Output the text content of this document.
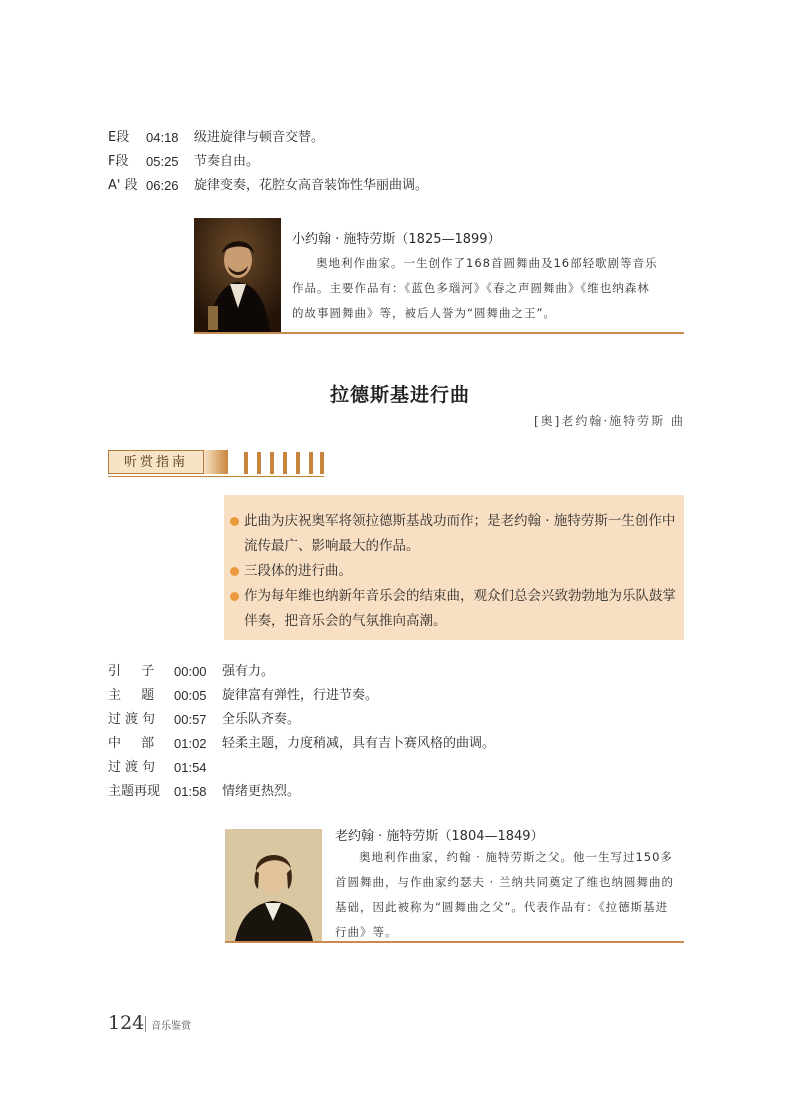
E段	04:18 级进旋律与顿音交替。
F段	05:25 节奏自由。
A' 段 06:26 旋律变奏，花腔女高音装饰性华丽曲调。
小约翰 · 施特劳斯（1825—1899）
奥地利作曲家。一生创作了168首圆舞曲及16部轻歌剧等音乐作品。主要作品有：《蓝色多瑙河》《春之声圆舞曲》《维也纳森林的故事圆舞曲》等，被后人誉为“圆舞曲之王”。
拉德斯基进行曲
[奥]老约翰·施特劳斯 曲
听赏指南
此曲为庆祝奥军将领拉德斯基战功而作；是老约翰 · 施特劳斯一生创作中流传最广、影响最大的作品。
三段体的进行曲。
作为每年维也纳新年音乐会的结束曲，观众们总会兴致勃勃地为乐队鼓掌伴奏，把音乐会的气氛推向高潮。
引 子 00:00 强有力。
主 题 00:05 旋律富有弹性，行进节奏。
过渡句	00:57 全乐队齐奏。
中 部 01:02 轻柔主题，力度稍减，具有吉卜赛风格的曲调。
过渡句	01:54
主题再现	01:58 情绪更热烈。
老约翰 · 施特劳斯（1804—1849）
奥地利作曲家，约翰 · 施特劳斯之父。他一生写过150多首圆舞曲，与作曲家约瑟夫 · 兰纳共同奠定了维也纳圆舞曲的基础，因此被称为“圆舞曲之父”。代表作品有：《拉德斯基进行曲》等。
124 音乐鉴赏
